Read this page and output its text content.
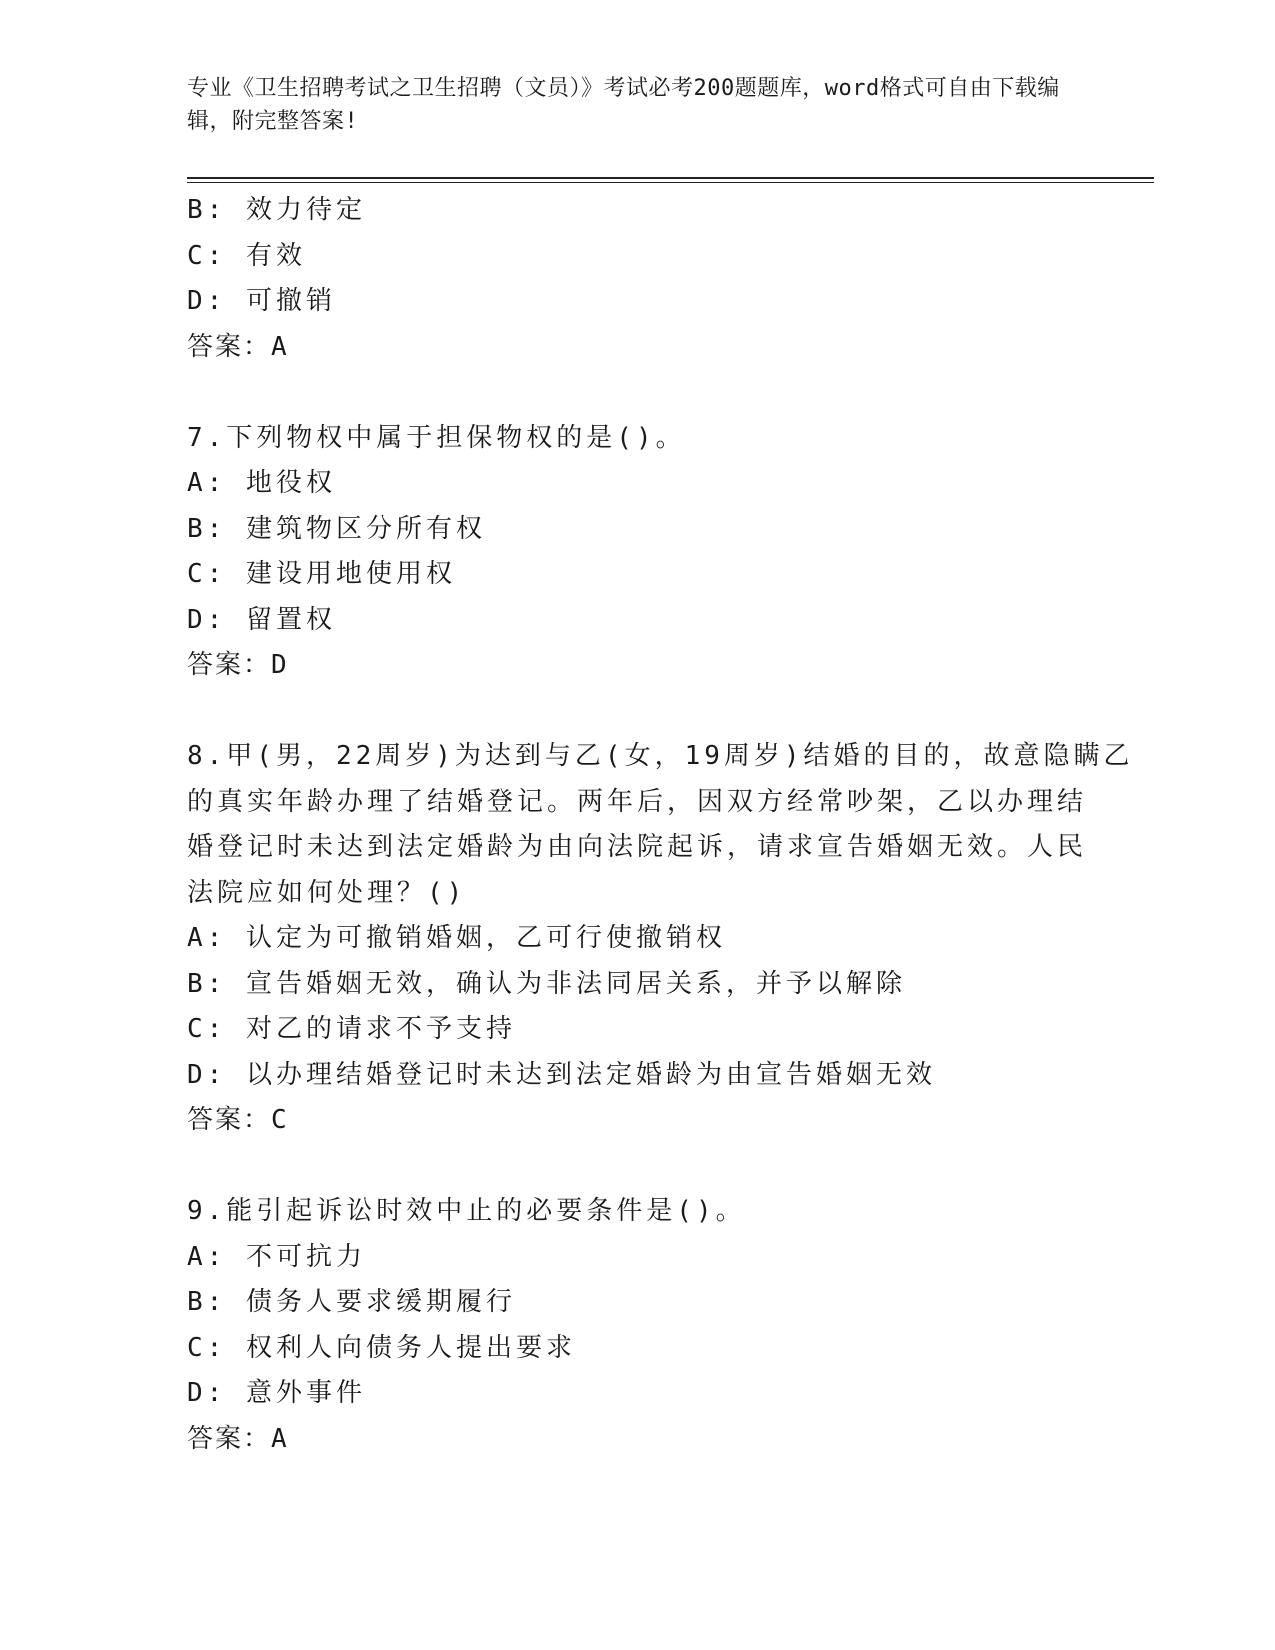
专业《卫生招聘考试之卫生招聘（文员）》考试必考200题题库，word格式可自由下载编辑，附完整答案!
B: 效力待定
C: 有效
D: 可撤销
答案：A
7.下列物权中属于担保物权的是()。
A: 地役权
B: 建筑物区分所有权
C: 建设用地使用权
D: 留置权
答案：D
8.甲(男，22周岁)为达到与乙(女，19周岁)结婚的目的，故意隐瞒乙
的真实年龄办理了结婚登记。两年后，因双方经常吵架，乙以办理结
婚登记时未达到法定婚龄为由向法院起诉，请求宣告婚姻无效。人民
法院应如何处理？()
A: 认定为可撤销婚姻，乙可行使撤销权
B: 宣告婚姻无效，确认为非法同居关系，并予以解除
C: 对乙的请求不予支持
D: 以办理结婚登记时未达到法定婚龄为由宣告婚姻无效
答案：C
9.能引起诉讼时效中止的必要条件是()。
A: 不可抗力
B: 债务人要求缓期履行
C: 权利人向债务人提出要求
D: 意外事件
答案：A
